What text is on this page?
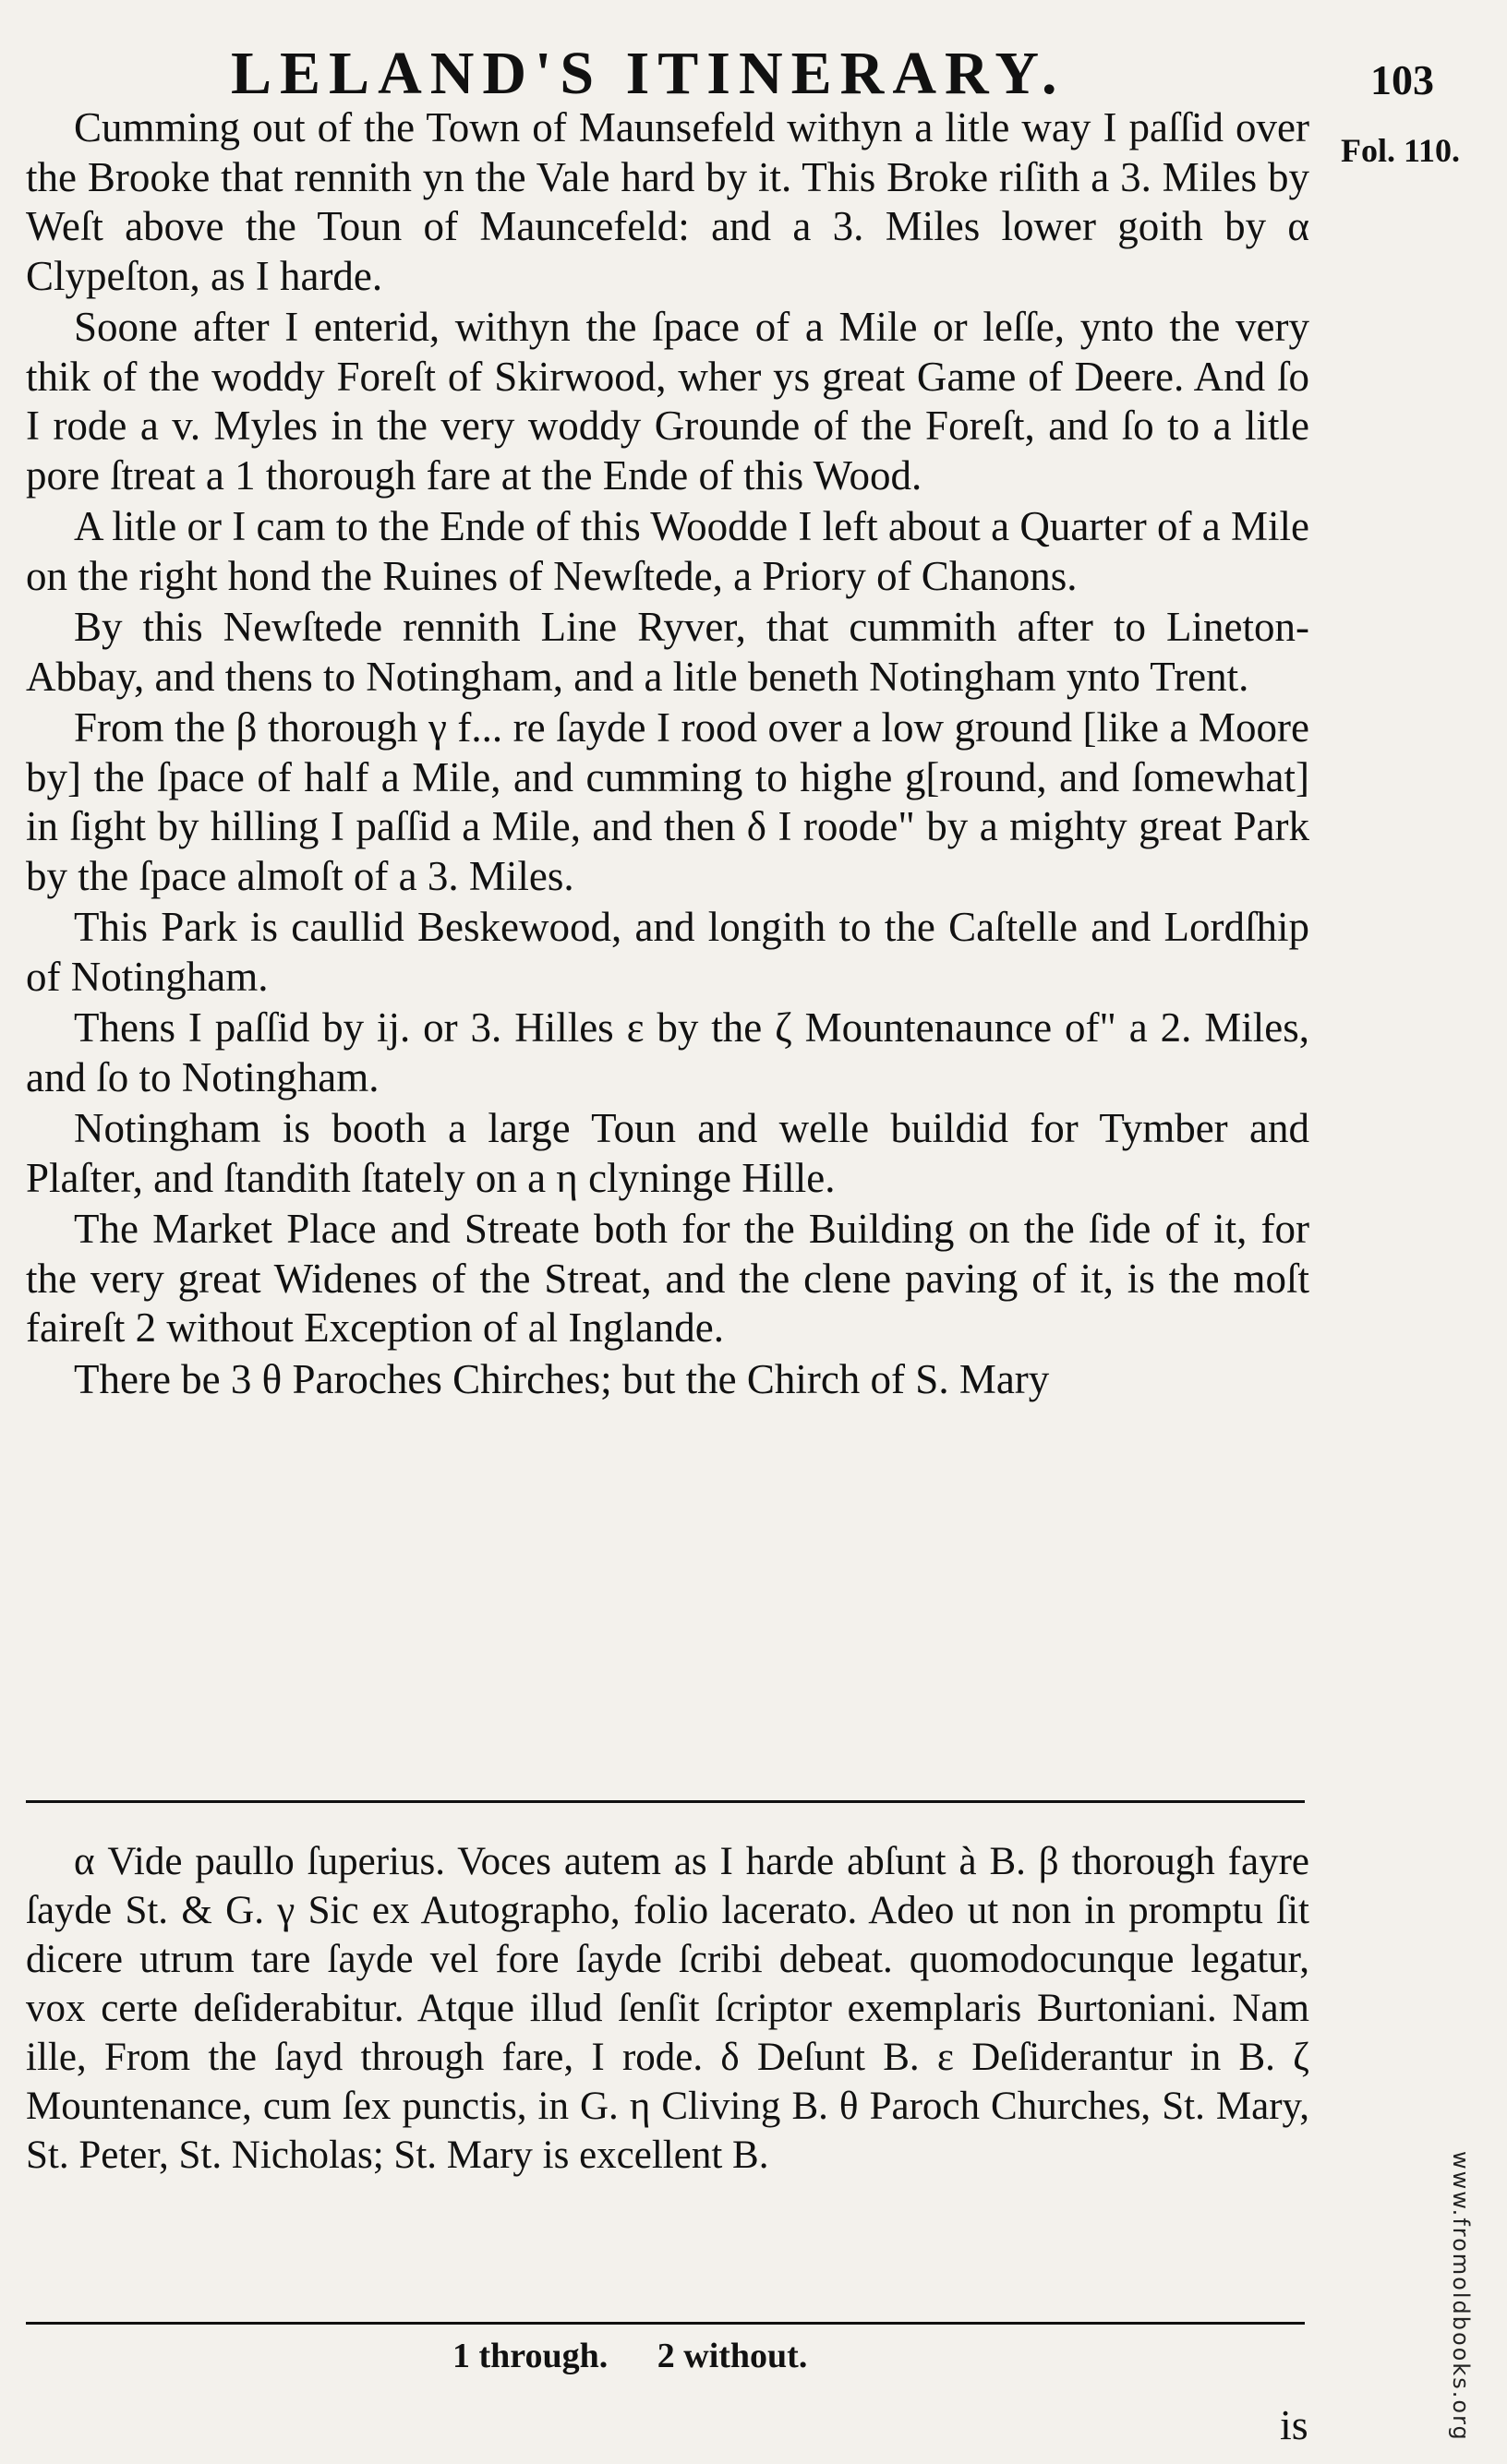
LELAND'S ITINERARY.	103
Fol. 110.

Cumming out of the Town of Maunsefeld withyn a litle way I paſſid over the Brooke that rennith yn the Vale hard by it. This Broke riſith a 3. Miles by Weſt above the Toun of Mauncefeld: and a 3. Miles lower goith by α Clypeſton, as I harde.

Soone after I enterid, withyn the ſpace of a Mile or leſſe, ynto the very thik of the woddy Foreſt of Skirwood, wher ys great Game of Deere. And ſo I rode a v. Myles in the very woddy Grounde of the Foreſt, and ſo to a litle pore ſtreat a 1 thorough fare at the Ende of this Wood.

A litle or I cam to the Ende of this Woodde I left about a Quarter of a Mile on the right hond the Ruines of Newſtede, a Priory of Chanons.

By this Newſtede rennith Line Ryver, that cummith after to Lineton-Abbay, and thens to Notingham, and a litle beneth Notingham ynto Trent.

From the β thorough γ f... re ſayde I rood over a low ground [like a Moore by] the ſpace of half a Mile, and cumming to highe g[round, and ſomewhat] in ſight by hilling I paſſid a Mile, and then δ I roode" by a mighty great Park by the ſpace almoſt of a 3. Miles.

This Park is caullid Beskewood, and longith to the Caſtelle and Lordſhip of Notingham.

Thens I paſſid by ij. or 3. Hilles ε by the ζ Mountenaunce of" a 2. Miles, and ſo to Notingham.

Notingham is booth a large Toun and welle buildid for Tymber and Plaſter, and ſtandith ſtately on a η clyninge Hille.

The Market Place and Streate both for the Building on the ſide of it, for the very great Widenes of the Streat, and the clene paving of it, is the moſt faireſt 2 without Exception of al Inglande.

There be 3 θ Paroches Chirches; but the Chirch of S. Mary

α Vide paullo ſuperius. Voces autem as I harde abſunt à B. β thorough fayre ſayde St. & G. γ Sic ex Autographo, folio lacerato. Adeo ut non in promptu ſit dicere utrum tare ſayde vel fore ſayde ſcribi debeat. quomodocunque legatur, vox certe deſiderabitur. Atque illud ſenſit ſcriptor exemplaris Burtoniani. Nam ille, From the ſayd through fare, I rode. δ Deſunt B. ε Deſiderantur in B. ζ Mountenance, cum ſex punctis, in G. η Cliving B. θ Paroch Churches, St. Mary, St. Peter, St. Nicholas; St. Mary is excellent B.

1 through. 2 without.
is	www.fromoldbooks.org
